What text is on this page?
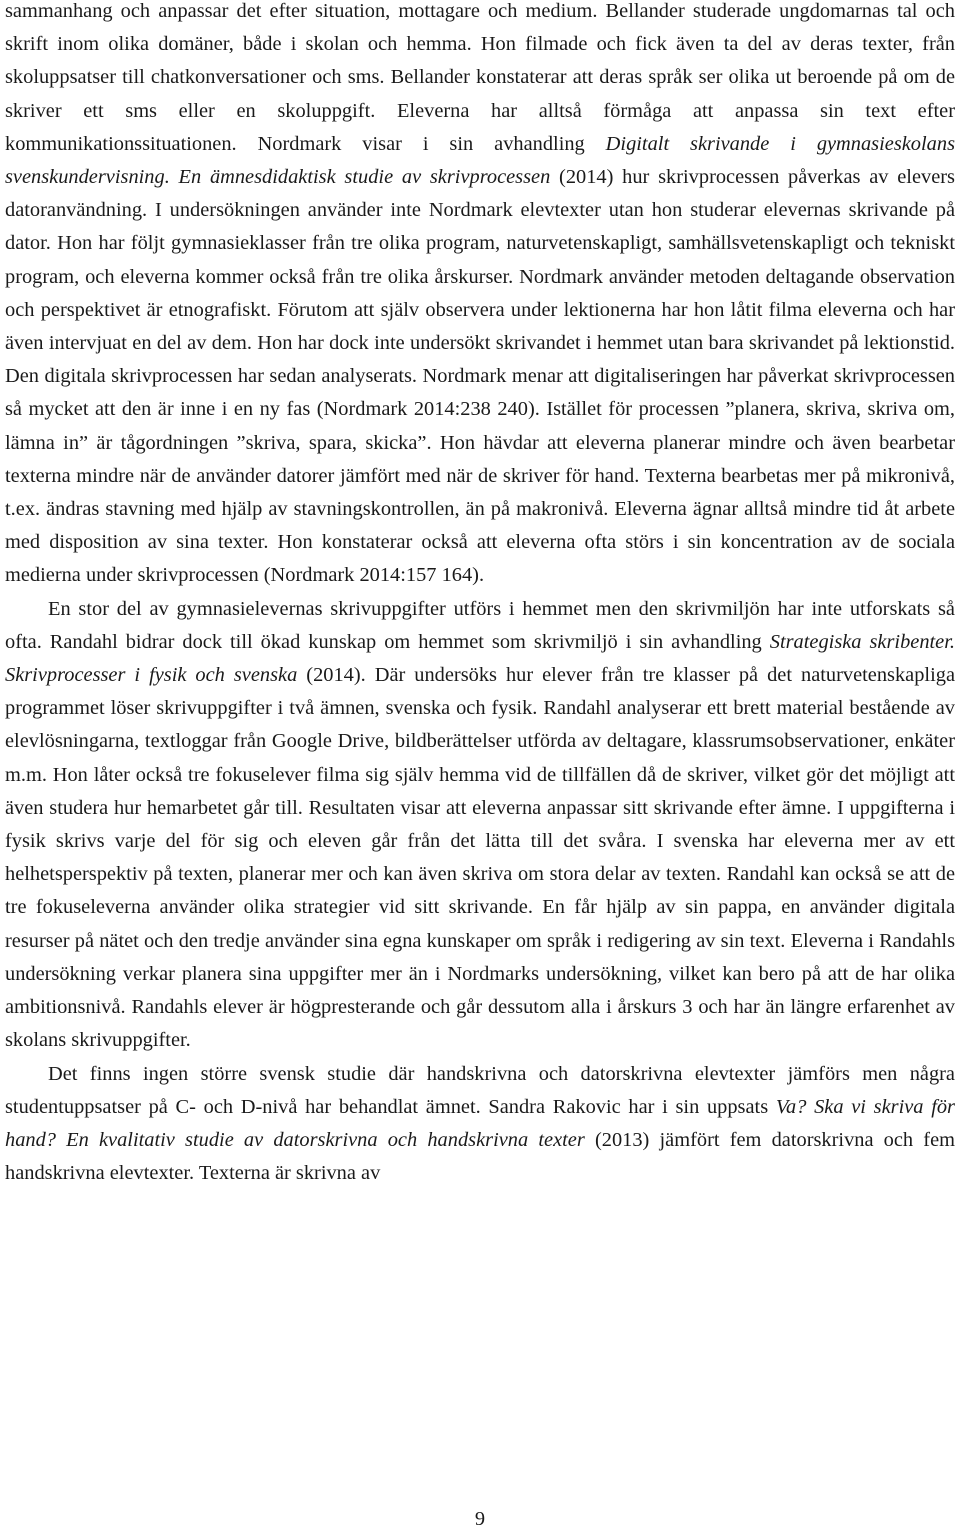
sammanhang och anpassar det efter situation, mottagare och medium. Bellander studerade ungdomarnas tal och skrift inom olika domäner, både i skolan och hemma. Hon filmade och fick även ta del av deras texter, från skoluppsatser till chatkonversationer och sms. Bellander konstaterar att deras språk ser olika ut beroende på om de skriver ett sms eller en skoluppgift. Eleverna har alltså förmåga att anpassa sin text efter kommunikationssituationen. Nordmark visar i sin avhandling Digitalt skrivande i gymnasieskolans svenskundervisning. En ämnesdidaktisk studie av skrivprocessen (2014) hur skrivprocessen påverkas av elevers datoranvändning. I undersökningen använder inte Nordmark elevtexter utan hon studerar elevernas skrivande på dator. Hon har följt gymnasieklasser från tre olika program, naturvetenskapligt, samhällsvetenskapligt och tekniskt program, och eleverna kommer också från tre olika årskurser. Nordmark använder metoden deltagande observation och perspektivet är etnografiskt. Förutom att själv observera under lektionerna har hon låtit filma eleverna och har även intervjuat en del av dem. Hon har dock inte undersökt skrivandet i hemmet utan bara skrivandet på lektionstid. Den digitala skrivprocessen har sedan analyserats. Nordmark menar att digitaliseringen har påverkat skrivprocessen så mycket att den är inne i en ny fas (Nordmark 2014:238 240). Istället för processen ”planera, skriva, skriva om, lämna in” är tågordningen ”skriva, spara, skicka”. Hon hävdar att eleverna planerar mindre och även bearbetar texterna mindre när de använder datorer jämfört med när de skriver för hand. Texterna bearbetas mer på mikronivå, t.ex. ändras stavning med hjälp av stavningskontrollen, än på makronivå. Eleverna ägnar alltså mindre tid åt arbete med disposition av sina texter. Hon konstaterar också att eleverna ofta störs i sin koncentration av de sociala medierna under skrivprocessen (Nordmark 2014:157 164).

En stor del av gymnasielevernas skrivuppgifter utförs i hemmet men den skrivmiljön har inte utforskats så ofta. Randahl bidrar dock till ökad kunskap om hemmet som skrivmiljö i sin avhandling Strategiska skribenter. Skrivprocesser i fysik och svenska (2014). Där undersöks hur elever från tre klasser på det naturvetenskapliga programmet löser skrivuppgifter i två ämnen, svenska och fysik. Randahl analyserar ett brett material bestående av elevlösningarna, textloggar från Google Drive, bildberättelser utförda av deltagare, klassrumsobservationer, enkäter m.m. Hon låter också tre fokuselever filma sig själv hemma vid de tillfällen då de skriver, vilket gör det möjligt att även studera hur hemarbetet går till. Resultaten visar att eleverna anpassar sitt skrivande efter ämne. I uppgifterna i fysik skrivs varje del för sig och eleven går från det lätta till det svåra. I svenska har eleverna mer av ett helhetsperspektiv på texten, planerar mer och kan även skriva om stora delar av texten. Randahl kan också se att de tre fokuseleverna använder olika strategier vid sitt skrivande. En får hjälp av sin pappa, en använder digitala resurser på nätet och den tredje använder sina egna kunskaper om språk i redigering av sin text. Eleverna i Randahls undersökning verkar planera sina uppgifter mer än i Nordmarks undersökning, vilket kan bero på att de har olika ambitionsnivå. Randahls elever är högpresterande och går dessutom alla i årskurs 3 och har än längre erfarenhet av skolans skrivuppgifter.

Det finns ingen större svensk studie där handskrivna och datorskrivna elevtexter jämförs men några studentuppsatser på C- och D-nivå har behandlat ämnet. Sandra Rakovic har i sin uppsats Va? Ska vi skriva för hand? En kvalitativ studie av datorskrivna och handskrivna texter (2013) jämfört fem datorskrivna och fem handskrivna elevtexter. Texterna är skrivna av

9
